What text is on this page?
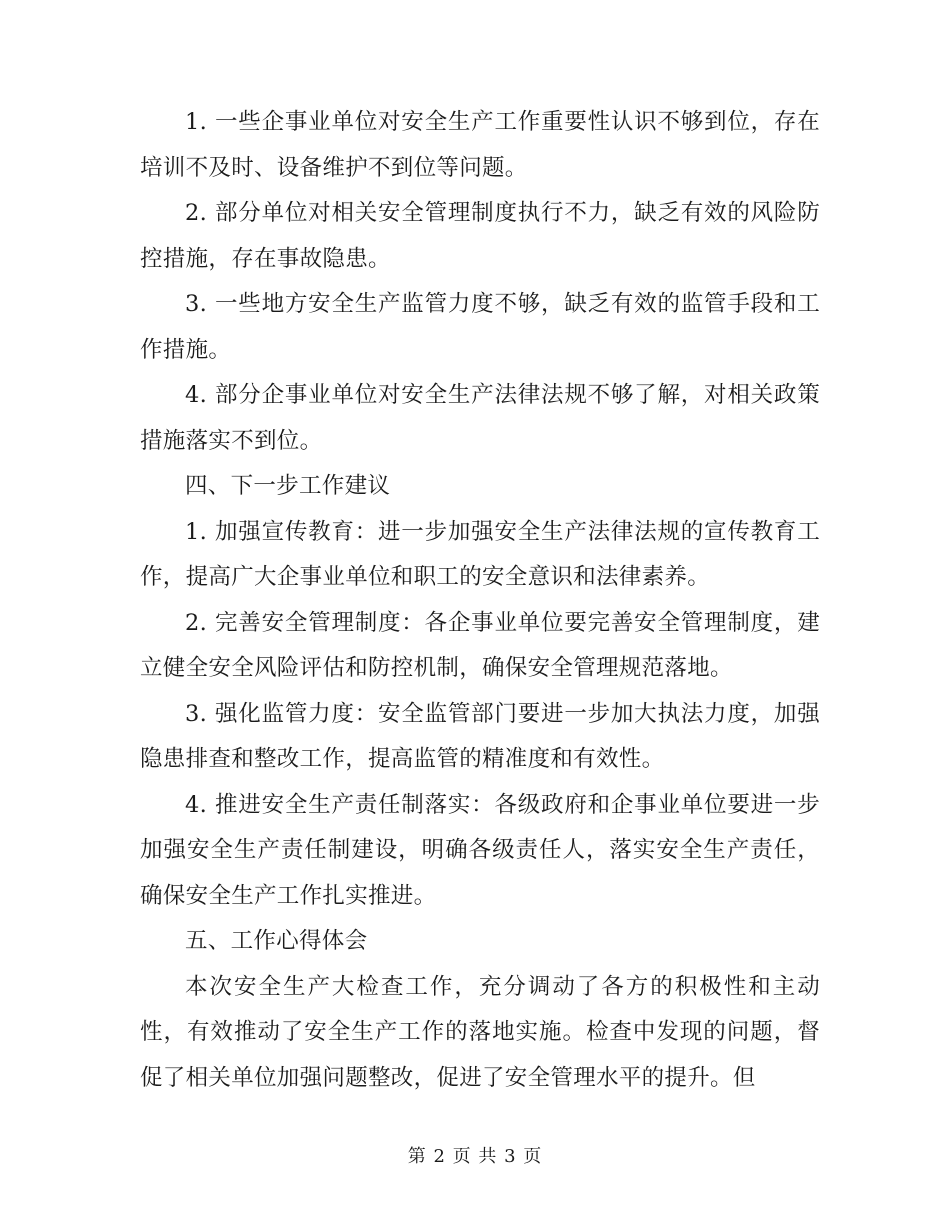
1. 一些企事业单位对安全生产工作重要性认识不够到位，存在培训不及时、设备维护不到位等问题。

2. 部分单位对相关安全管理制度执行不力，缺乏有效的风险防控措施，存在事故隐患。

3. 一些地方安全生产监管力度不够，缺乏有效的监管手段和工作措施。

4. 部分企事业单位对安全生产法律法规不够了解，对相关政策措施落实不到位。

四、下一步工作建议

1. 加强宣传教育：进一步加强安全生产法律法规的宣传教育工作，提高广大企事业单位和职工的安全意识和法律素养。

2. 完善安全管理制度：各企事业单位要完善安全管理制度，建立健全安全风险评估和防控机制，确保安全管理规范落地。

3. 强化监管力度：安全监管部门要进一步加大执法力度，加强隐患排查和整改工作，提高监管的精准度和有效性。

4. 推进安全生产责任制落实：各级政府和企事业单位要进一步加强安全生产责任制建设，明确各级责任人，落实安全生产责任，确保安全生产工作扎实推进。

五、工作心得体会

本次安全生产大检查工作，充分调动了各方的积极性和主动性，有效推动了安全生产工作的落地实施。检查中发现的问题，督促了相关单位加强问题整改，促进了安全管理水平的提升。但

第 2 页 共 3 页
